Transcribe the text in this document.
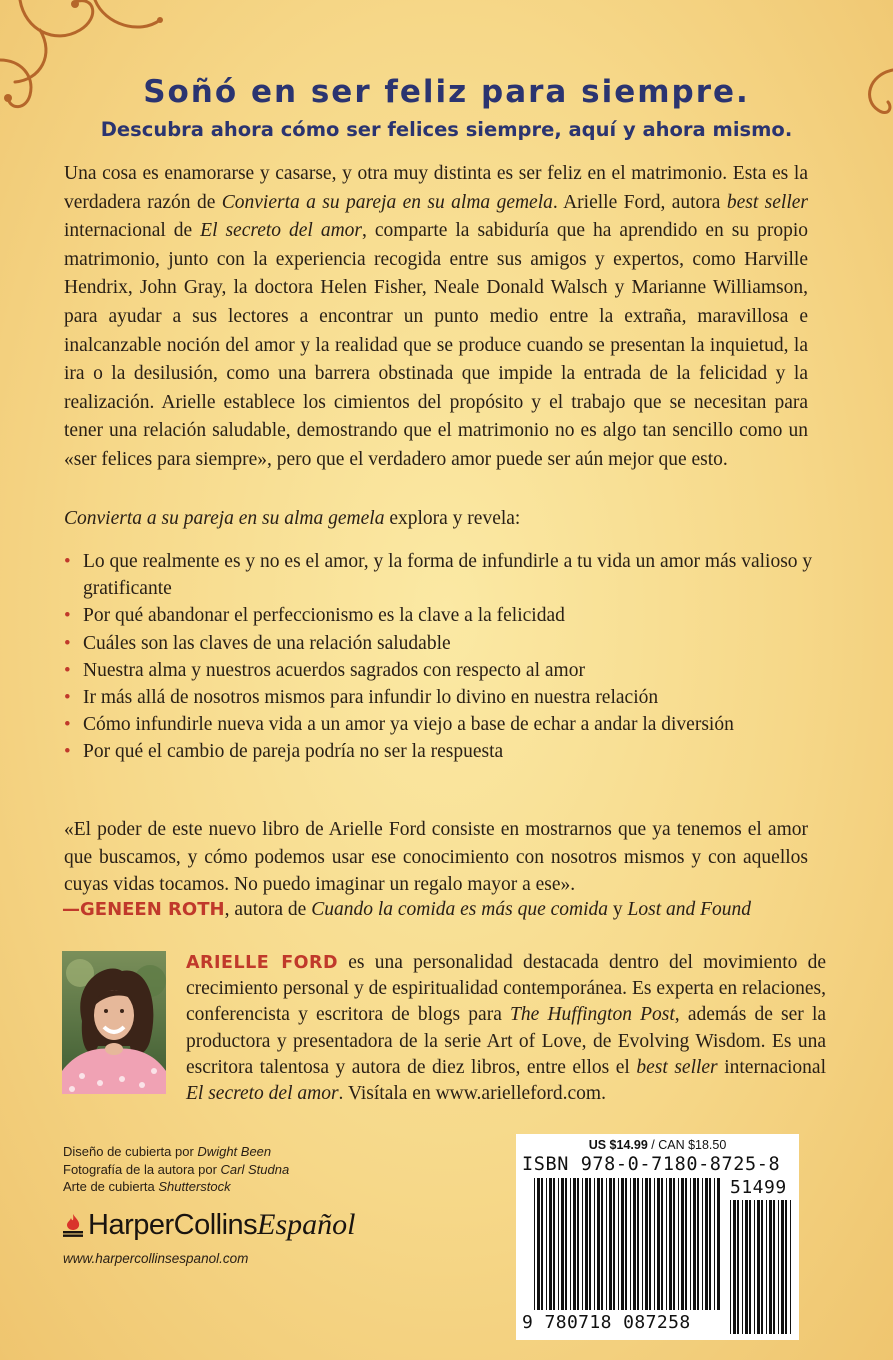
Soñó en ser feliz para siempre.
Descubra ahora cómo ser felices siempre, aquí y ahora mismo.

Una cosa es enamorarse y casarse, y otra muy distinta es ser feliz en el matrimonio. Esta es la verdadera razón de Convierta a su pareja en su alma gemela. Arielle Ford, autora best seller internacional de El secreto del amor, comparte la sabiduría que ha aprendido en su propio matrimonio, junto con la experiencia recogida entre sus amigos y expertos, como Harville Hendrix, John Gray, la doctora Helen Fisher, Neale Donald Walsch y Marianne Williamson, para ayudar a sus lectores a encontrar un punto medio entre la extraña, maravillosa e inalcanzable noción del amor y la realidad que se produce cuando se presentan la inquietud, la ira o la desilusión, como una barrera obstinada que impide la entrada de la felicidad y la realización. Arielle establece los cimientos del propósito y el trabajo que se necesitan para tener una relación saludable, demostrando que el matrimonio no es algo tan sencillo como un «ser felices para siempre», pero que el verdadero amor puede ser aún mejor que esto.

Convierta a su pareja en su alma gemela explora y revela:

• Lo que realmente es y no es el amor, y la forma de infundirle a tu vida un amor más valioso y gratificante
• Por qué abandonar el perfeccionismo es la clave a la felicidad
• Cuáles son las claves de una relación saludable
• Nuestra alma y nuestros acuerdos sagrados con respecto al amor
• Ir más allá de nosotros mismos para infundir lo divino en nuestra relación
• Cómo infundirle nueva vida a un amor ya viejo a base de echar a andar la diversión
• Por qué el cambio de pareja podría no ser la respuesta

«El poder de este nuevo libro de Arielle Ford consiste en mostrarnos que ya tenemos el amor que buscamos, y cómo podemos usar ese conocimiento con nosotros mismos y con aquellos cuyas vidas tocamos. No puedo imaginar un regalo mayor a ese».

—GENEEN ROTH, autora de Cuando la comida es más que comida y Lost and Found

ARIELLE FORD es una personalidad destacada dentro del movimiento de crecimiento personal y de espiritualidad contemporánea. Es experta en relaciones, conferencista y escritora de blogs para The Huffington Post, además de ser la productora y presentadora de la serie Art of Love, de Evolving Wisdom. Es una escritora talentosa y autora de diez libros, entre ellos el best seller internacional El secreto del amor. Visítala en www.arielleford.com.

Diseño de cubierta por Dwight Been
Fotografía de la autora por Carl Studna
Arte de cubierta Shutterstock
HarperCollins Español
www.harpercollinsespanol.com
US $14.99 / CAN $18.50
ISBN 978-0-7180-8725-8
9 780718 087258
51499
